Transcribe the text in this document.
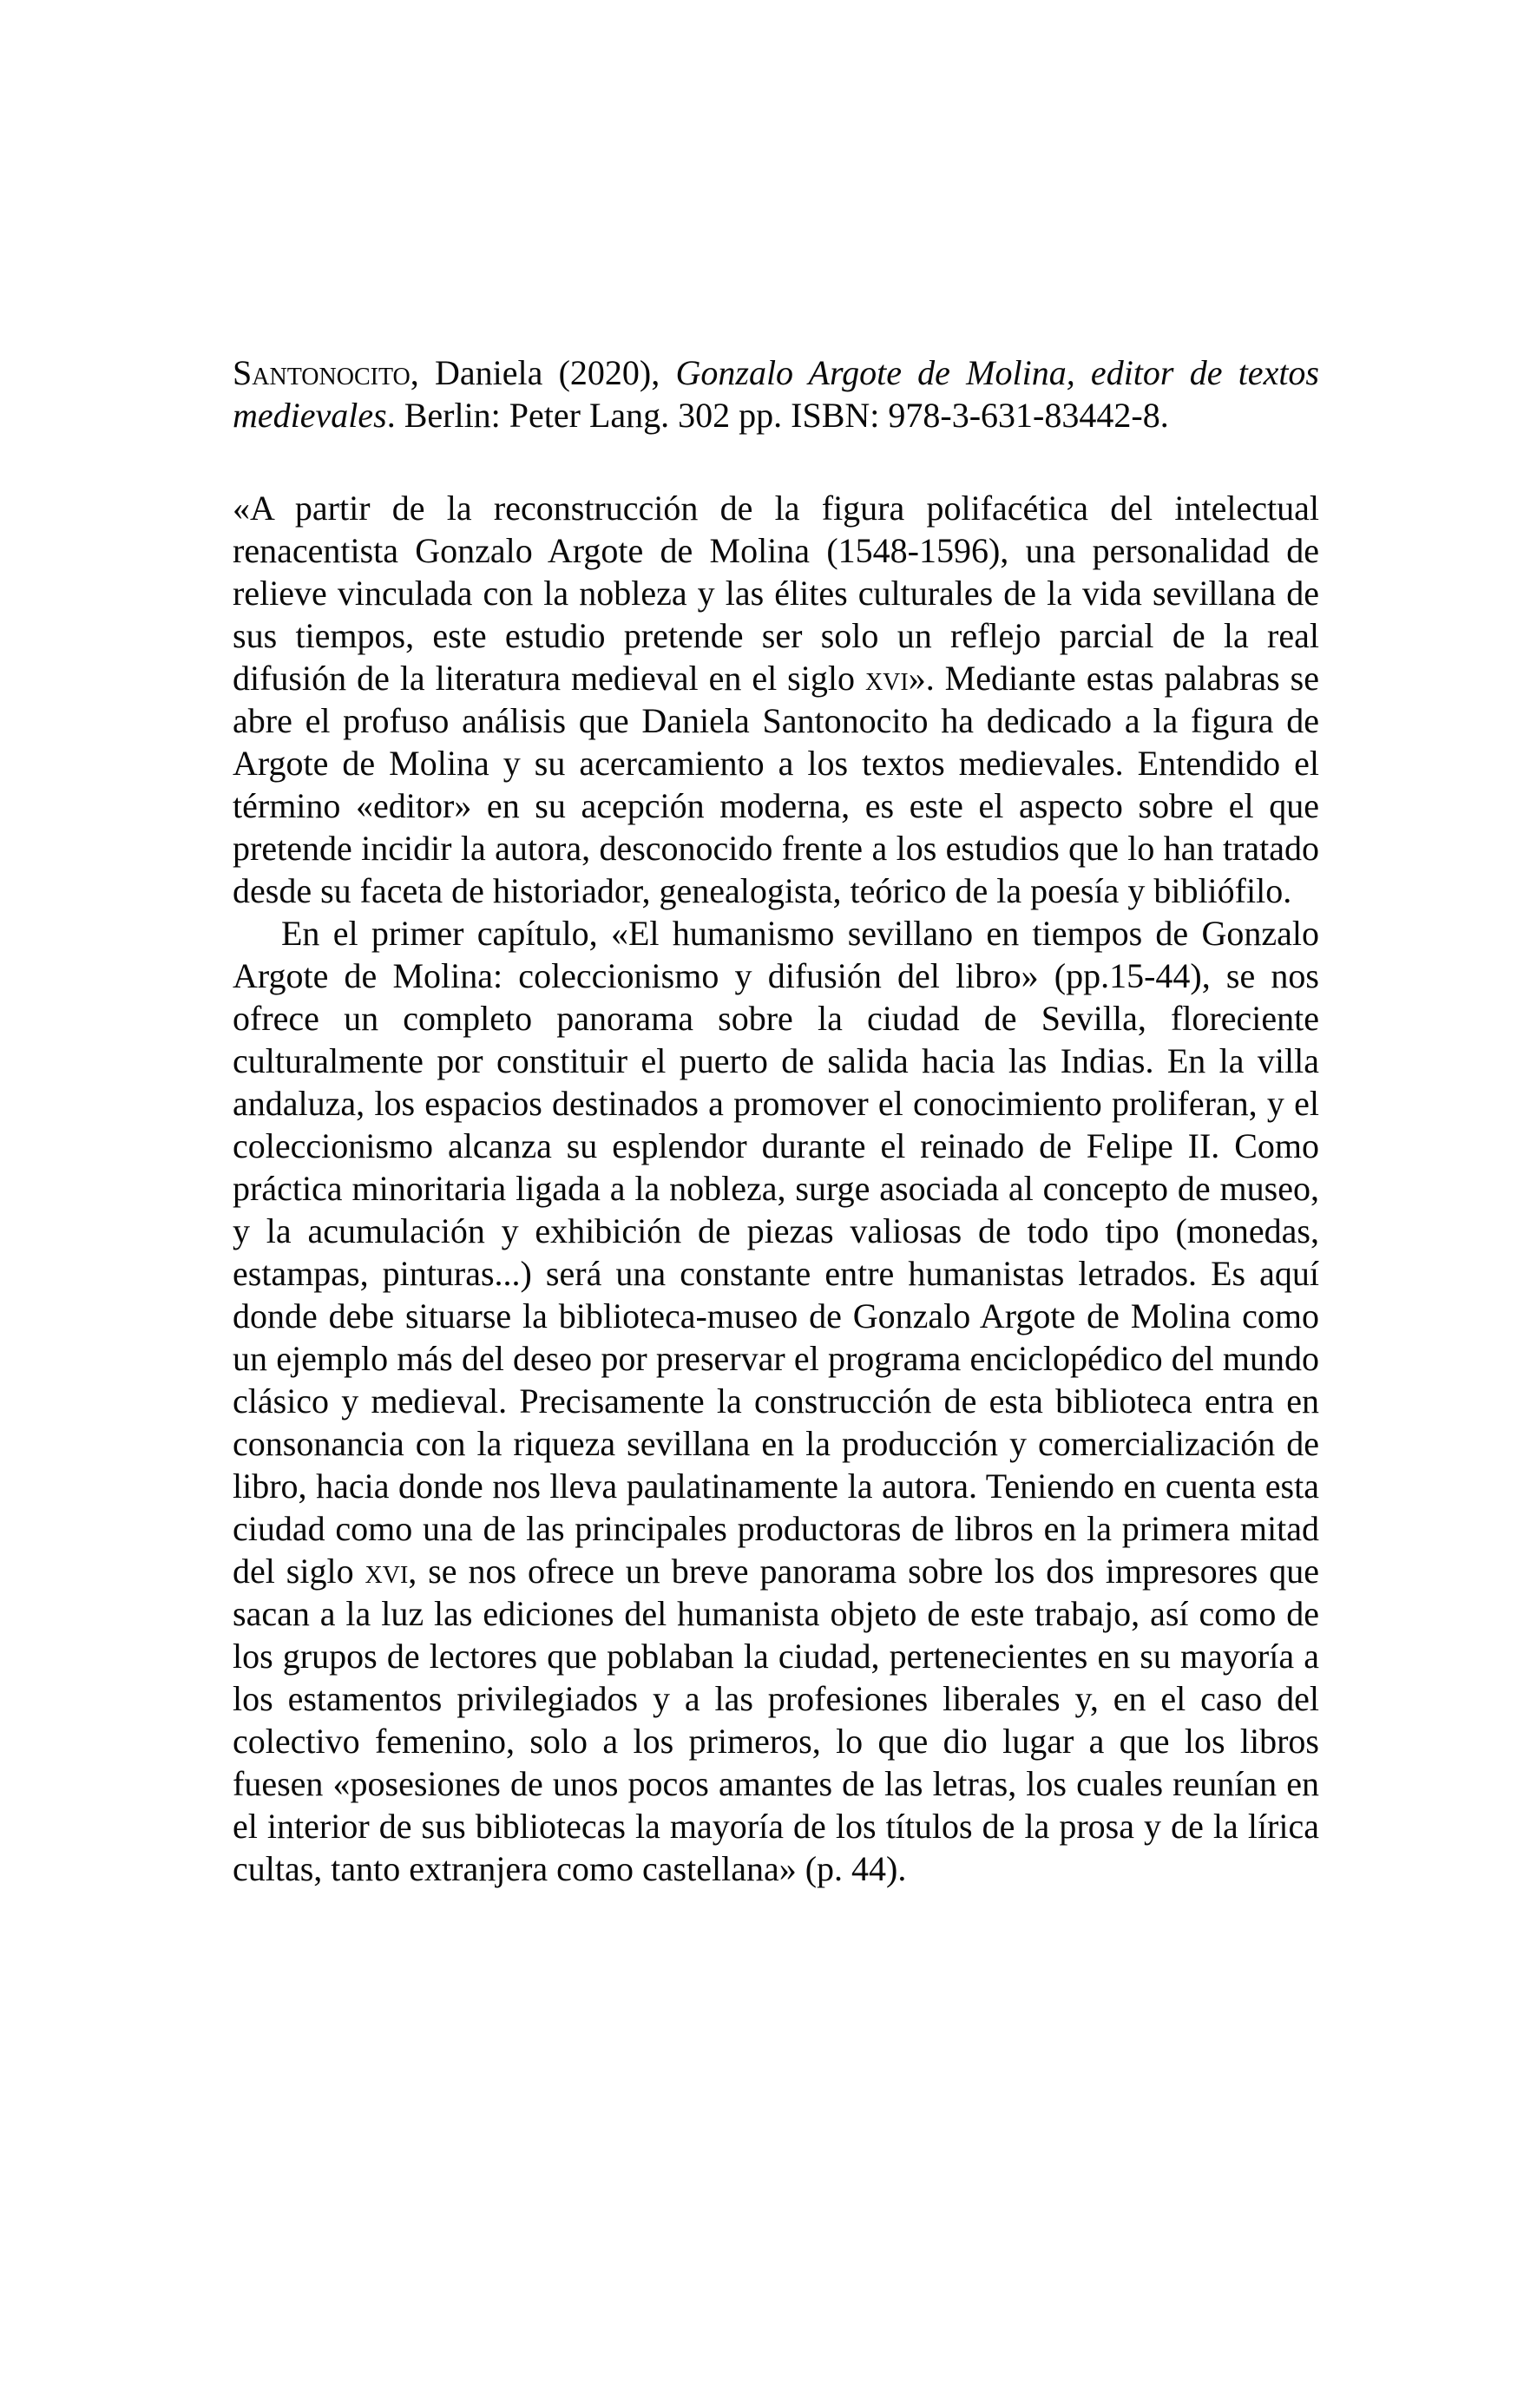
Santonocito, Daniela (2020), Gonzalo Argote de Molina, editor de textos medievales. Berlin: Peter Lang. 302 pp. ISBN: 978-3-631-83442-8.

«A partir de la reconstrucción de la figura polifacética del intelectual renacentista Gonzalo Argote de Molina (1548-1596), una personalidad de relieve vinculada con la nobleza y las élites culturales de la vida sevillana de sus tiempos, este estudio pretende ser solo un reflejo parcial de la real difusión de la literatura medieval en el siglo xvi». Mediante estas palabras se abre el profuso análisis que Daniela Santonocito ha dedicado a la figura de Argote de Molina y su acercamiento a los textos medievales. Entendido el término «editor» en su acepción moderna, es este el aspecto sobre el que pretende incidir la autora, desconocido frente a los estudios que lo han tratado desde su faceta de historiador, genealogista, teórico de la poesía y bibliófilo.

En el primer capítulo, «El humanismo sevillano en tiempos de Gonzalo Argote de Molina: coleccionismo y difusión del libro» (pp.15-44), se nos ofrece un completo panorama sobre la ciudad de Sevilla, floreciente culturalmente por constituir el puerto de salida hacia las Indias. En la villa andaluza, los espacios destinados a promover el conocimiento proliferan, y el coleccionismo alcanza su esplendor durante el reinado de Felipe II. Como práctica minoritaria ligada a la nobleza, surge asociada al concepto de museo, y la acumulación y exhibición de piezas valiosas de todo tipo (monedas, estampas, pinturas...) será una constante entre humanistas letrados. Es aquí donde debe situarse la biblioteca-museo de Gonzalo Argote de Molina como un ejemplo más del deseo por preservar el programa enciclopédico del mundo clásico y medieval. Precisamente la construcción de esta biblioteca entra en consonancia con la riqueza sevillana en la producción y comercialización de libro, hacia donde nos lleva paulatinamente la autora. Teniendo en cuenta esta ciudad como una de las principales productoras de libros en la primera mitad del siglo xvi, se nos ofrece un breve panorama sobre los dos impresores que sacan a la luz las ediciones del humanista objeto de este trabajo, así como de los grupos de lectores que poblaban la ciudad, pertenecientes en su mayoría a los estamentos privilegiados y a las profesiones liberales y, en el caso del colectivo femenino, solo a los primeros, lo que dio lugar a que los libros fuesen «posesiones de unos pocos amantes de las letras, los cuales reunían en el interior de sus bibliotecas la mayoría de los títulos de la prosa y de la lírica cultas, tanto extranjera como castellana» (p. 44).
